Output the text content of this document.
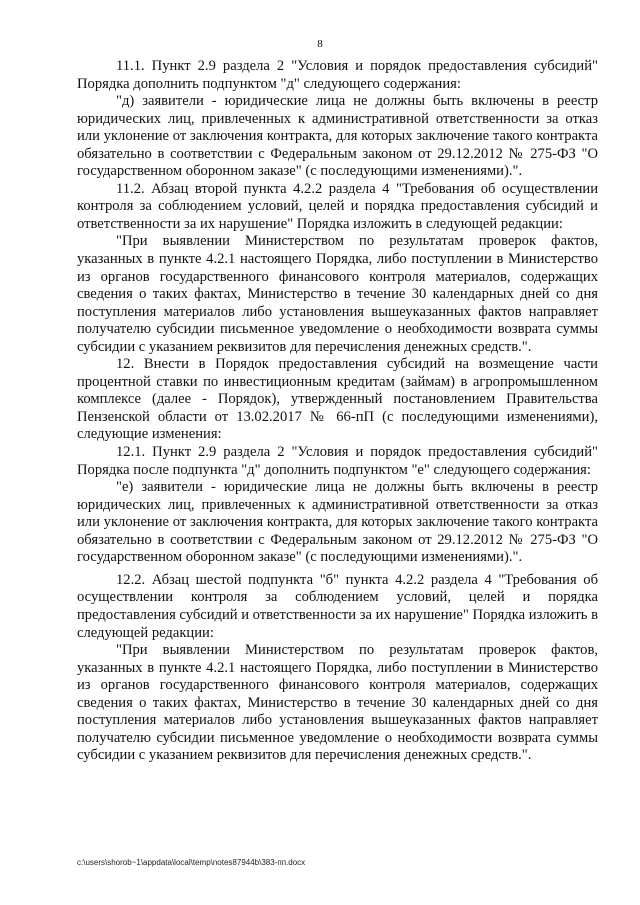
8

11.1. Пункт 2.9 раздела 2 "Условия и порядок предоставления субсидий" Порядка дополнить подпунктом "д" следующего содержания:

"д) заявители - юридические лица не должны быть включены в реестр юридических лиц, привлеченных к административной ответственности за отказ или уклонение от заключения контракта, для которых заключение такого контракта обязательно в соответствии с Федеральным законом от 29.12.2012 № 275-ФЗ "О государственном оборонном заказе" (с последующими изменениями).".

11.2. Абзац второй пункта 4.2.2 раздела 4 "Требования об осуществлении контроля за соблюдением условий, целей и порядка предоставления субсидий и ответственности за их нарушение" Порядка изложить в следующей редакции:

"При выявлении Министерством по результатам проверок фактов, указанных в пункте 4.2.1 настоящего Порядка, либо поступлении в Министерство из органов государственного финансового контроля материалов, содержащих сведения о таких фактах, Министерство в течение 30 календарных дней со дня поступления материалов либо установления вышеуказанных фактов направляет получателю субсидии письменное уведомление о необходимости возврата суммы субсидии с указанием реквизитов для перечисления денежных средств.".

12. Внести в Порядок предоставления субсидий на возмещение части процентной ставки по инвестиционным кредитам (займам) в агропромышленном комплексе (далее - Порядок), утвержденный постановлением Правительства Пензенской области от 13.02.2017 № 66-пП (с последующими изменениями), следующие изменения:

12.1. Пункт 2.9 раздела 2 "Условия и порядок предоставления субсидий" Порядка после подпункта "д" дополнить подпунктом "е" следующего содержания:

"е) заявители - юридические лица не должны быть включены в реестр юридических лиц, привлеченных к административной ответственности за отказ или уклонение от заключения контракта, для которых заключение такого контракта обязательно в соответствии с Федеральным законом от 29.12.2012 № 275-ФЗ "О государственном оборонном заказе" (с последующими изменениями).".

12.2. Абзац шестой подпункта "б" пункта 4.2.2 раздела 4 "Требования об осуществлении контроля за соблюдением условий, целей и порядка предоставления субсидий и ответственности за их нарушение" Порядка изложить в следующей редакции:

"При выявлении Министерством по результатам проверок фактов, указанных в пункте 4.2.1 настоящего Порядка, либо поступлении в Министерство из органов государственного финансового контроля материалов, содержащих сведения о таких фактах, Министерство в течение 30 календарных дней со дня поступления материалов либо установления вышеуказанных фактов направляет получателю субсидии письменное уведомление о необходимости возврата суммы субсидии с указанием реквизитов для перечисления денежных средств.".

c:\users\shorob~1\appdata\local\temp\notes87944b\383-пп.docx
